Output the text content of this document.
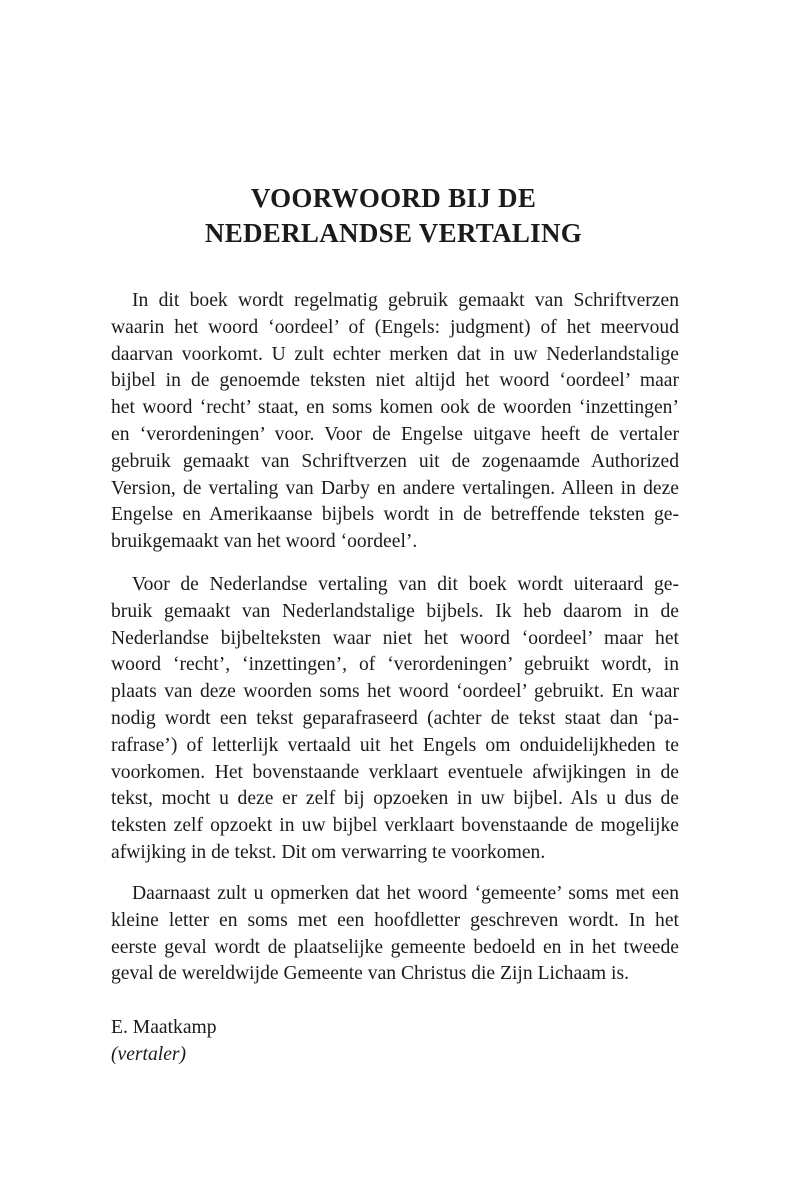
VOORWOORD BIJ DE
NEDERLANDSE VERTALING
In dit boek wordt regelmatig gebruik gemaakt van Schriftverzen
waarin het woord ‘oordeel’ of (Engels: judgment) of het meervoud
daarvan voorkomt. U zult echter merken dat in uw Nederlandstalige
bijbel in de genoemde teksten niet altijd het woord ‘oordeel’ maar
het woord ‘recht’ staat, en soms komen ook de woorden ‘inzettingen’
en ‘verordeningen’ voor. Voor de Engelse uitgave heeft de vertaler
gebruik gemaakt van Schriftverzen uit de zogenaamde Authorized
Version, de vertaling van Darby en andere vertalingen. Alleen in deze
Engelse en Amerikaanse bijbels wordt in de betreffende teksten ge-
bruikgemaakt van het woord ‘oordeel’.
Voor de Nederlandse vertaling van dit boek wordt uiteraard ge-
bruik gemaakt van Nederlandstalige bijbels. Ik heb daarom in de
Nederlandse bijbelteksten waar niet het woord ‘oordeel’ maar het
woord ‘recht’, ‘inzettingen’, of ‘verordeningen’ gebruikt wordt, in
plaats van deze woorden soms het woord ‘oordeel’ gebruikt. En waar
nodig wordt een tekst geparafraseerd (achter de tekst staat dan ‘pa-
rafrase’) of letterlijk vertaald uit het Engels om onduidelijkheden te
voorkomen. Het bovenstaande verklaart eventuele afwijkingen in de
tekst, mocht u deze er zelf bij opzoeken in uw bijbel. Als u dus de
teksten zelf opzoekt in uw bijbel verklaart bovenstaande de mogelijke
afwijking in de tekst. Dit om verwarring te voorkomen.
Daarnaast zult u opmerken dat het woord ‘gemeente’ soms met een
kleine letter en soms met een hoofdletter geschreven wordt. In het
eerste geval wordt de plaatselijke gemeente bedoeld en in het tweede
geval de wereldwijde Gemeente van Christus die Zijn Lichaam is.
E. Maatkamp
(vertaler)
